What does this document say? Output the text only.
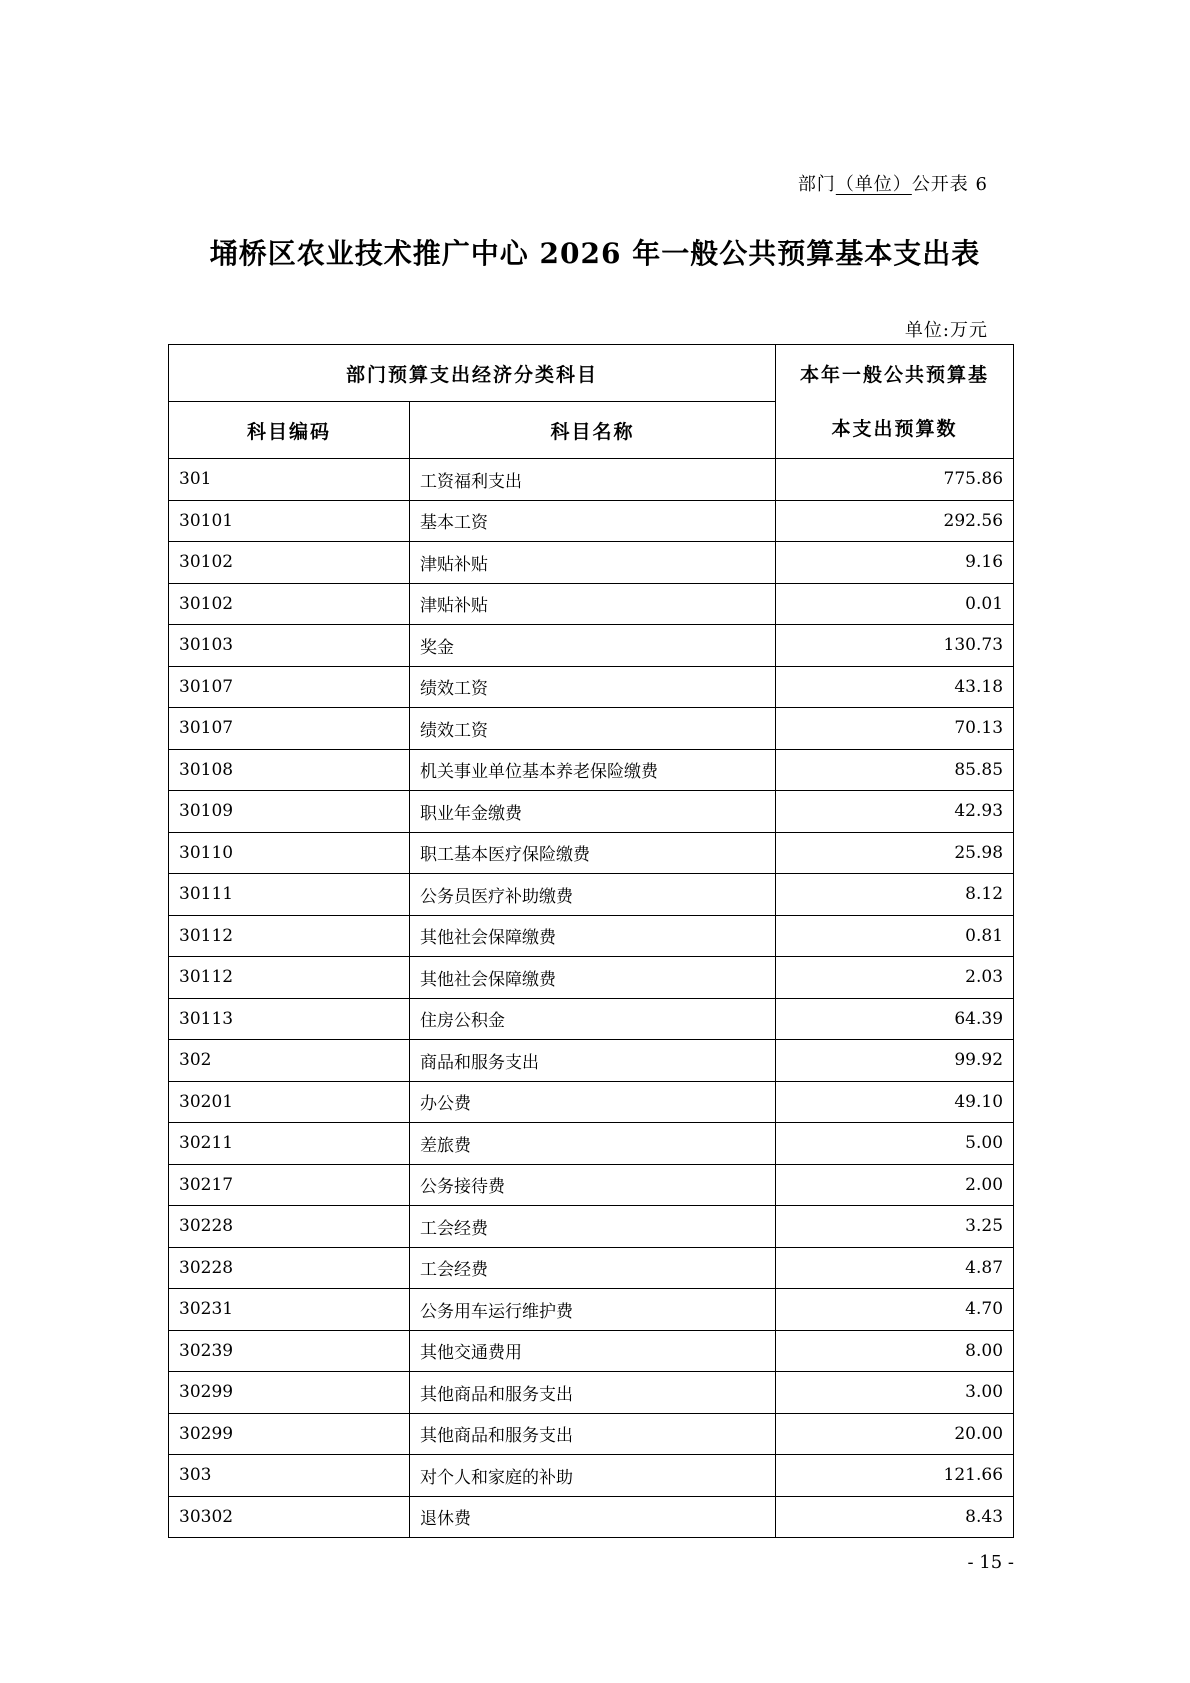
部门（单位）公开表 6
埇桥区农业技术推广中心 2026 年一般公共预算基本支出表
单位:万元
部门预算支出经济分类科目		本年一般公共预算基
本支出预算数

科目编码	科目名称	
301	工资福利支出	775.86
30101	基本工资	292.56
30102	津贴补贴	9.16
30102	津贴补贴	0.01
30103	奖金	130.73
30107	绩效工资	43.18
30107	绩效工资	70.13
30108	机关事业单位基本养老保险缴费	85.85
30109	职业年金缴费	42.93
30110	职工基本医疗保险缴费	25.98
30111	公务员医疗补助缴费	8.12
30112	其他社会保障缴费	0.81
30112	其他社会保障缴费	2.03
30113	住房公积金	64.39
302	商品和服务支出	99.92
30201	办公费	49.10
30211	差旅费	5.00
30217	公务接待费	2.00
30228	工会经费	3.25
30228	工会经费	4.87
30231	公务用车运行维护费	4.70
30239	其他交通费用	8.00
30299	其他商品和服务支出	3.00
30299	其他商品和服务支出	20.00
303	对个人和家庭的补助	121.66
30302	退休费	8.43
- 15 -
